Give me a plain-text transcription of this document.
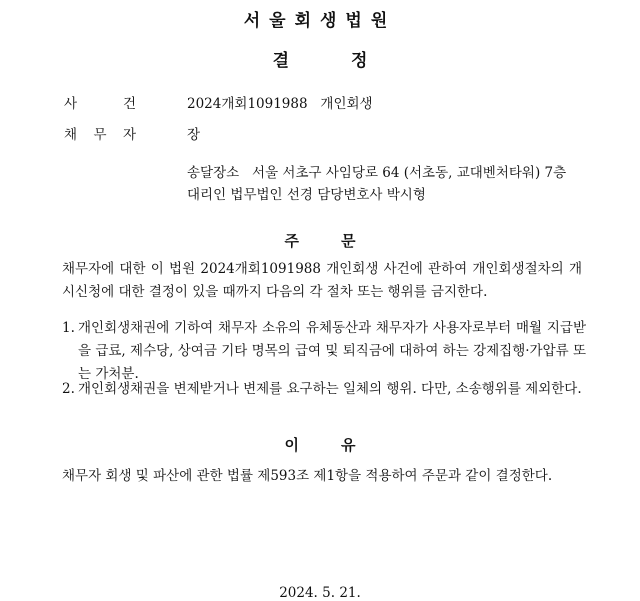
서울회생법원
결	정
사	건	2024개회1091988   개인회생
채 무 자	장
송달장소   서울 서초구 사임당로 64 (서초동, 교대벤처타워) 7층
대리인 법무법인 선경 담당변호사 박시형
주	문
채무자에 대한 이 법원 2024개회1091988 개인회생 사건에 관하여 개인회생절차의 개시신청에 대한 결정이 있을 때까지 다음의 각 절차 또는 행위를 금지한다.
1. 개인회생채권에 기하여 채무자 소유의 유체동산과 채무자가 사용자로부터 매월 지급받을 급료, 제수당, 상여금 기타 명목의 급여 및 퇴직금에 대하여 하는 강제집행·가압류 또는 가처분.
2. 개인회생채권을 변제받거나 변제를 요구하는 일체의 행위. 다만, 소송행위를 제외한다.
이	유
채무자 회생 및 파산에 관한 법률 제593조 제1항을 적용하여 주문과 같이 결정한다.
2024. 5. 21.
